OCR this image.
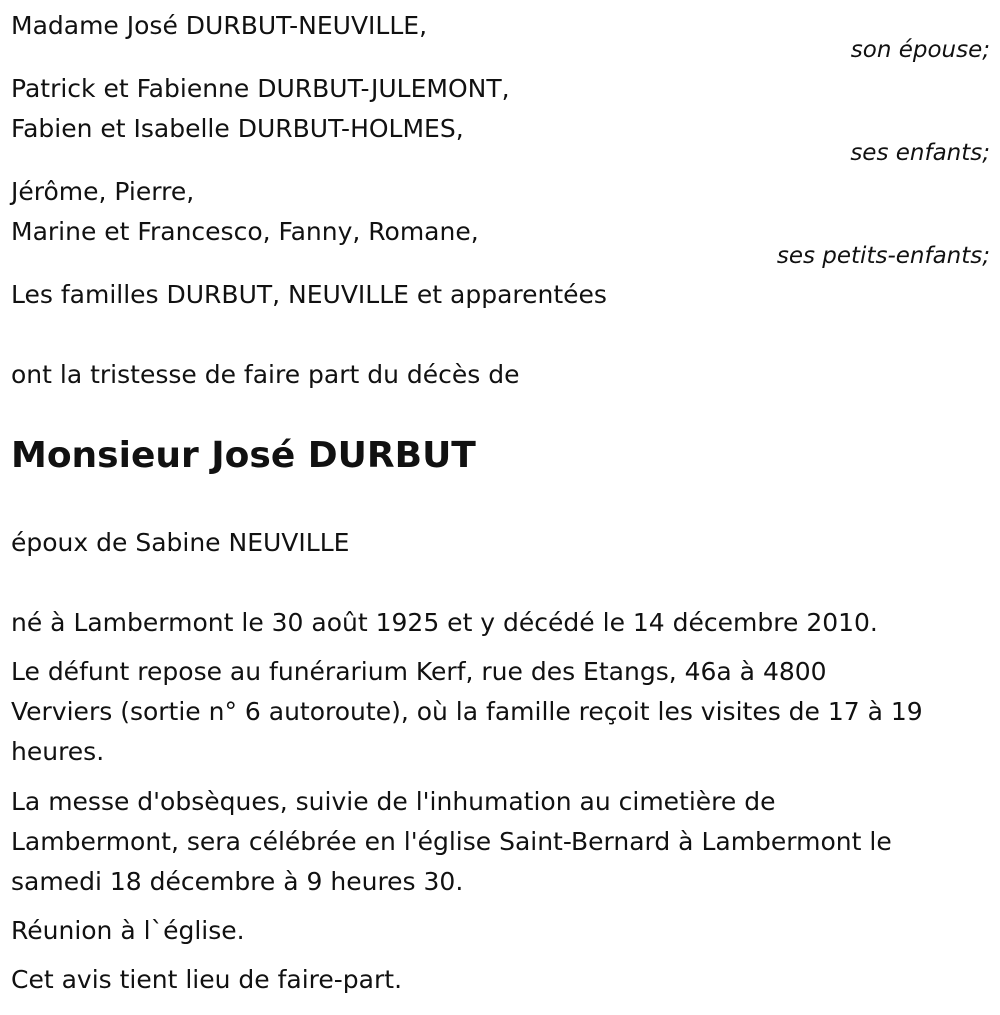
Madame José DURBUT-NEUVILLE,
son épouse;
Patrick et Fabienne DURBUT-JULEMONT,
Fabien et Isabelle DURBUT-HOLMES,
ses enfants;
Jérôme, Pierre,
Marine et Francesco, Fanny, Romane,
ses petits-enfants;
Les familles DURBUT, NEUVILLE et apparentées
ont la tristesse de faire part du décès de
Monsieur José DURBUT
époux de Sabine NEUVILLE
né à Lambermont le 30 août 1925 et y décédé le 14 décembre 2010.
Le défunt repose au funérarium Kerf, rue des Etangs, 46a à 4800
Verviers (sortie n° 6 autoroute), où la famille reçoit les visites de 17 à 19
heures.
La messe d'obsèques, suivie de l'inhumation au cimetière de
Lambermont, sera célébrée en l'église Saint-Bernard à Lambermont le
samedi 18 décembre à 9 heures 30.
Réunion à l`église.
Cet avis tient lieu de faire-part.
